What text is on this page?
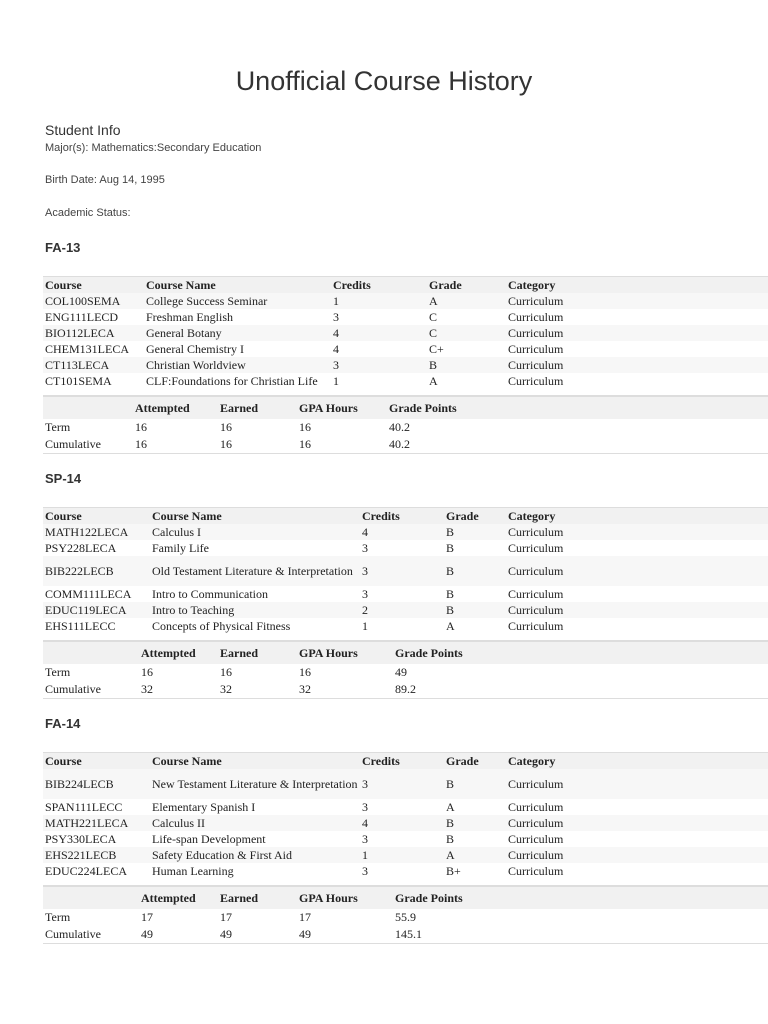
Unofficial Course History
Student Info
Major(s): Mathematics:Secondary Education
Birth Date: Aug 14, 1995
Academic Status:
FA-13
Course	Course Name	Credits	Grade	Category
COL100SEMA	College Success Seminar	1	A	Curriculum
ENG111LECD	Freshman English	3	C	Curriculum
BIO112LECA	General Botany	4	C	Curriculum
CHEM131LECA	General Chemistry I	4	C+	Curriculum
CT113LECA	Christian Worldview	3	B	Curriculum
CT101SEMA	CLF:Foundations for Christian Life	1	A	Curriculum
	Attempted	Earned	GPA Hours	Grade Points
Term	16	16	16	40.2
Cumulative	16	16	16	40.2
SP-14
Course	Course Name	Credits	Grade	Category
MATH122LECA	Calculus I	4	B	Curriculum
PSY228LECA	Family Life	3	B	Curriculum
BIB222LECB	Old Testament Literature & Interpretation	3	B	Curriculum
COMM111LECA	Intro to Communication	3	B	Curriculum
EDUC119LECA	Intro to Teaching	2	B	Curriculum
EHS111LECC	Concepts of Physical Fitness	1	A	Curriculum
	Attempted	Earned	GPA Hours	Grade Points
Term	16	16	16	49
Cumulative	32	32	32	89.2
FA-14
Course	Course Name	Credits	Grade	Category
BIB224LECB	New Testament Literature & Interpretation	3	B	Curriculum
SPAN111LECC	Elementary Spanish I	3	A	Curriculum
MATH221LECA	Calculus II	4	B	Curriculum
PSY330LECA	Life-span Development	3	B	Curriculum
EHS221LECB	Safety Education & First Aid	1	A	Curriculum
EDUC224LECA	Human Learning	3	B+	Curriculum
	Attempted	Earned	GPA Hours	Grade Points
Term	17	17	17	55.9
Cumulative	49	49	49	145.1
